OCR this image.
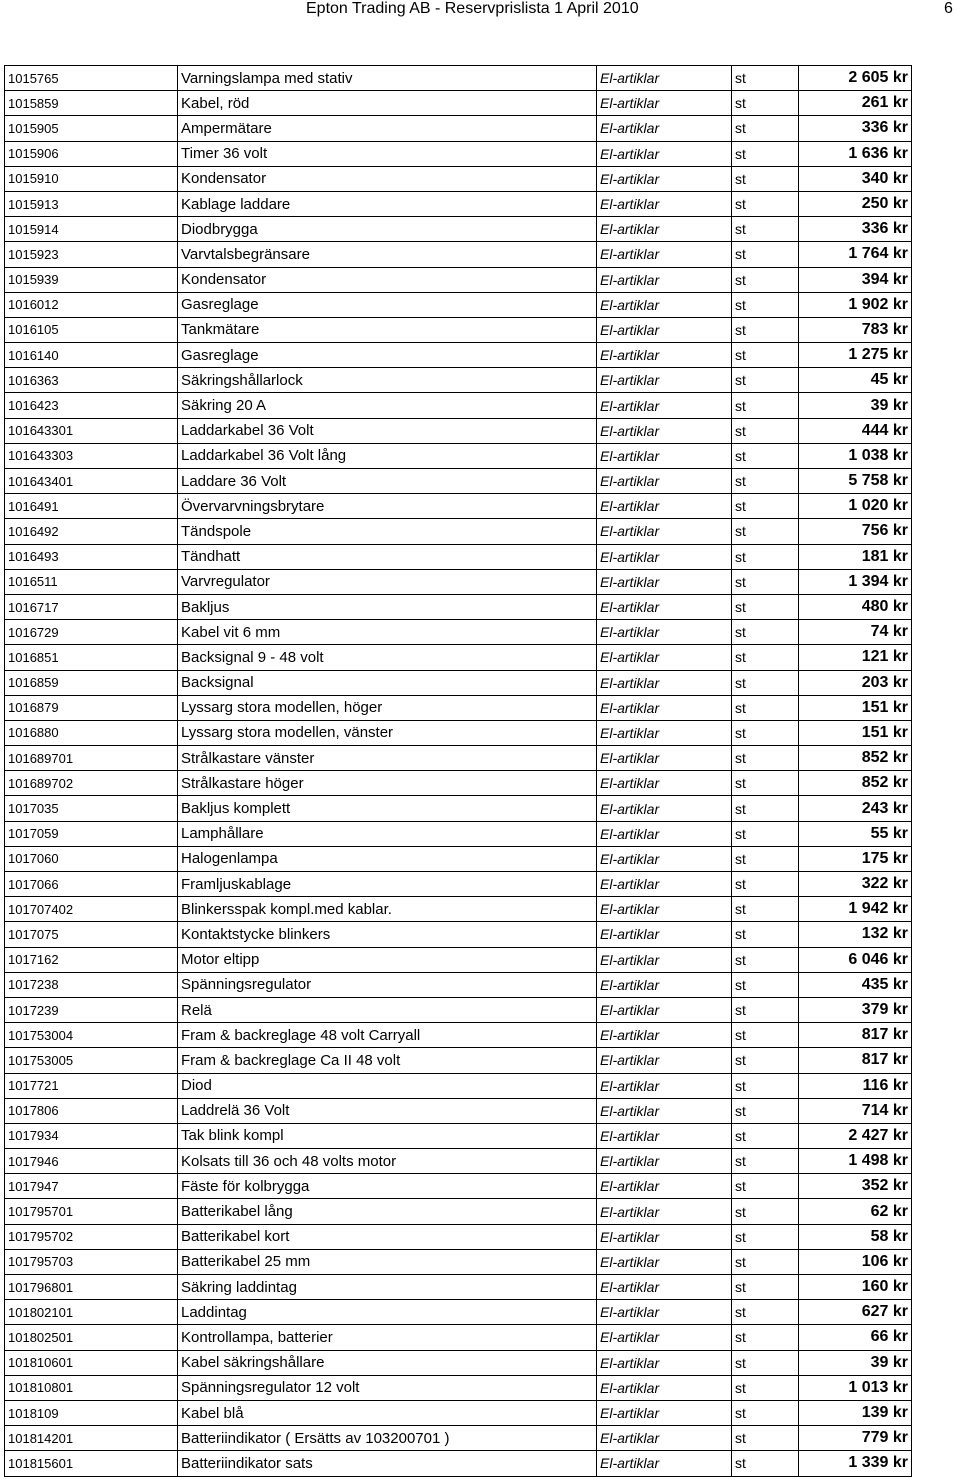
Epton Trading AB - Reservprislista 1 April 2010	6
1015765	Varningslampa med stativ	El-artiklar	st	2 605 kr
1015859	Kabel, röd	El-artiklar	st	261 kr
1015905	Ampermätare	El-artiklar	st	336 kr
1015906	Timer 36 volt	El-artiklar	st	1 636 kr
1015910	Kondensator	El-artiklar	st	340 kr
1015913	Kablage laddare	El-artiklar	st	250 kr
1015914	Diodbrygga	El-artiklar	st	336 kr
1015923	Varvtalsbegränsare	El-artiklar	st	1 764 kr
1015939	Kondensator	El-artiklar	st	394 kr
1016012	Gasreglage	El-artiklar	st	1 902 kr
1016105	Tankmätare	El-artiklar	st	783 kr
1016140	Gasreglage	El-artiklar	st	1 275 kr
1016363	Säkringshållarlock	El-artiklar	st	45 kr
1016423	Säkring 20 A	El-artiklar	st	39 kr
101643301	Laddarkabel 36 Volt	El-artiklar	st	444 kr
101643303	Laddarkabel 36 Volt lång	El-artiklar	st	1 038 kr
101643401	Laddare 36 Volt	El-artiklar	st	5 758 kr
1016491	Övervarvningsbrytare	El-artiklar	st	1 020 kr
1016492	Tändspole	El-artiklar	st	756 kr
1016493	Tändhatt	El-artiklar	st	181 kr
1016511	Varvregulator	El-artiklar	st	1 394 kr
1016717	Bakljus	El-artiklar	st	480 kr
1016729	Kabel vit 6 mm	El-artiklar	st	74 kr
1016851	Backsignal 9 - 48 volt	El-artiklar	st	121 kr
1016859	Backsignal	El-artiklar	st	203 kr
1016879	Lyssarg stora modellen, höger	El-artiklar	st	151 kr
1016880	Lyssarg stora modellen, vänster	El-artiklar	st	151 kr
101689701	Strålkastare vänster	El-artiklar	st	852 kr
101689702	Strålkastare höger	El-artiklar	st	852 kr
1017035	Bakljus komplett	El-artiklar	st	243 kr
1017059	Lamphållare	El-artiklar	st	55 kr
1017060	Halogenlampa	El-artiklar	st	175 kr
1017066	Framljuskablage	El-artiklar	st	322 kr
101707402	Blinkersspak kompl.med kablar.	El-artiklar	st	1 942 kr
1017075	Kontaktstycke blinkers	El-artiklar	st	132 kr
1017162	Motor eltipp	El-artiklar	st	6 046 kr
1017238	Spänningsregulator	El-artiklar	st	435 kr
1017239	Relä	El-artiklar	st	379 kr
101753004	Fram & backreglage 48 volt Carryall	El-artiklar	st	817 kr
101753005	Fram & backreglage Ca II 48 volt	El-artiklar	st	817 kr
1017721	Diod	El-artiklar	st	116 kr
1017806	Laddrelä 36 Volt	El-artiklar	st	714 kr
1017934	Tak blink kompl	El-artiklar	st	2 427 kr
1017946	Kolsats till 36 och 48 volts motor	El-artiklar	st	1 498 kr
1017947	Fäste för kolbrygga	El-artiklar	st	352 kr
101795701	Batterikabel lång	El-artiklar	st	62 kr
101795702	Batterikabel kort	El-artiklar	st	58 kr
101795703	Batterikabel 25 mm	El-artiklar	st	106 kr
101796801	Säkring laddintag	El-artiklar	st	160 kr
101802101	Laddintag	El-artiklar	st	627 kr
101802501	Kontrollampa, batterier	El-artiklar	st	66 kr
101810601	Kabel säkringshållare	El-artiklar	st	39 kr
101810801	Spänningsregulator 12 volt	El-artiklar	st	1 013 kr
1018109	Kabel blå	El-artiklar	st	139 kr
101814201	Batteriindikator ( Ersätts av 103200701 )	El-artiklar	st	779 kr
101815601	Batteriindikator sats	El-artiklar	st	1 339 kr
